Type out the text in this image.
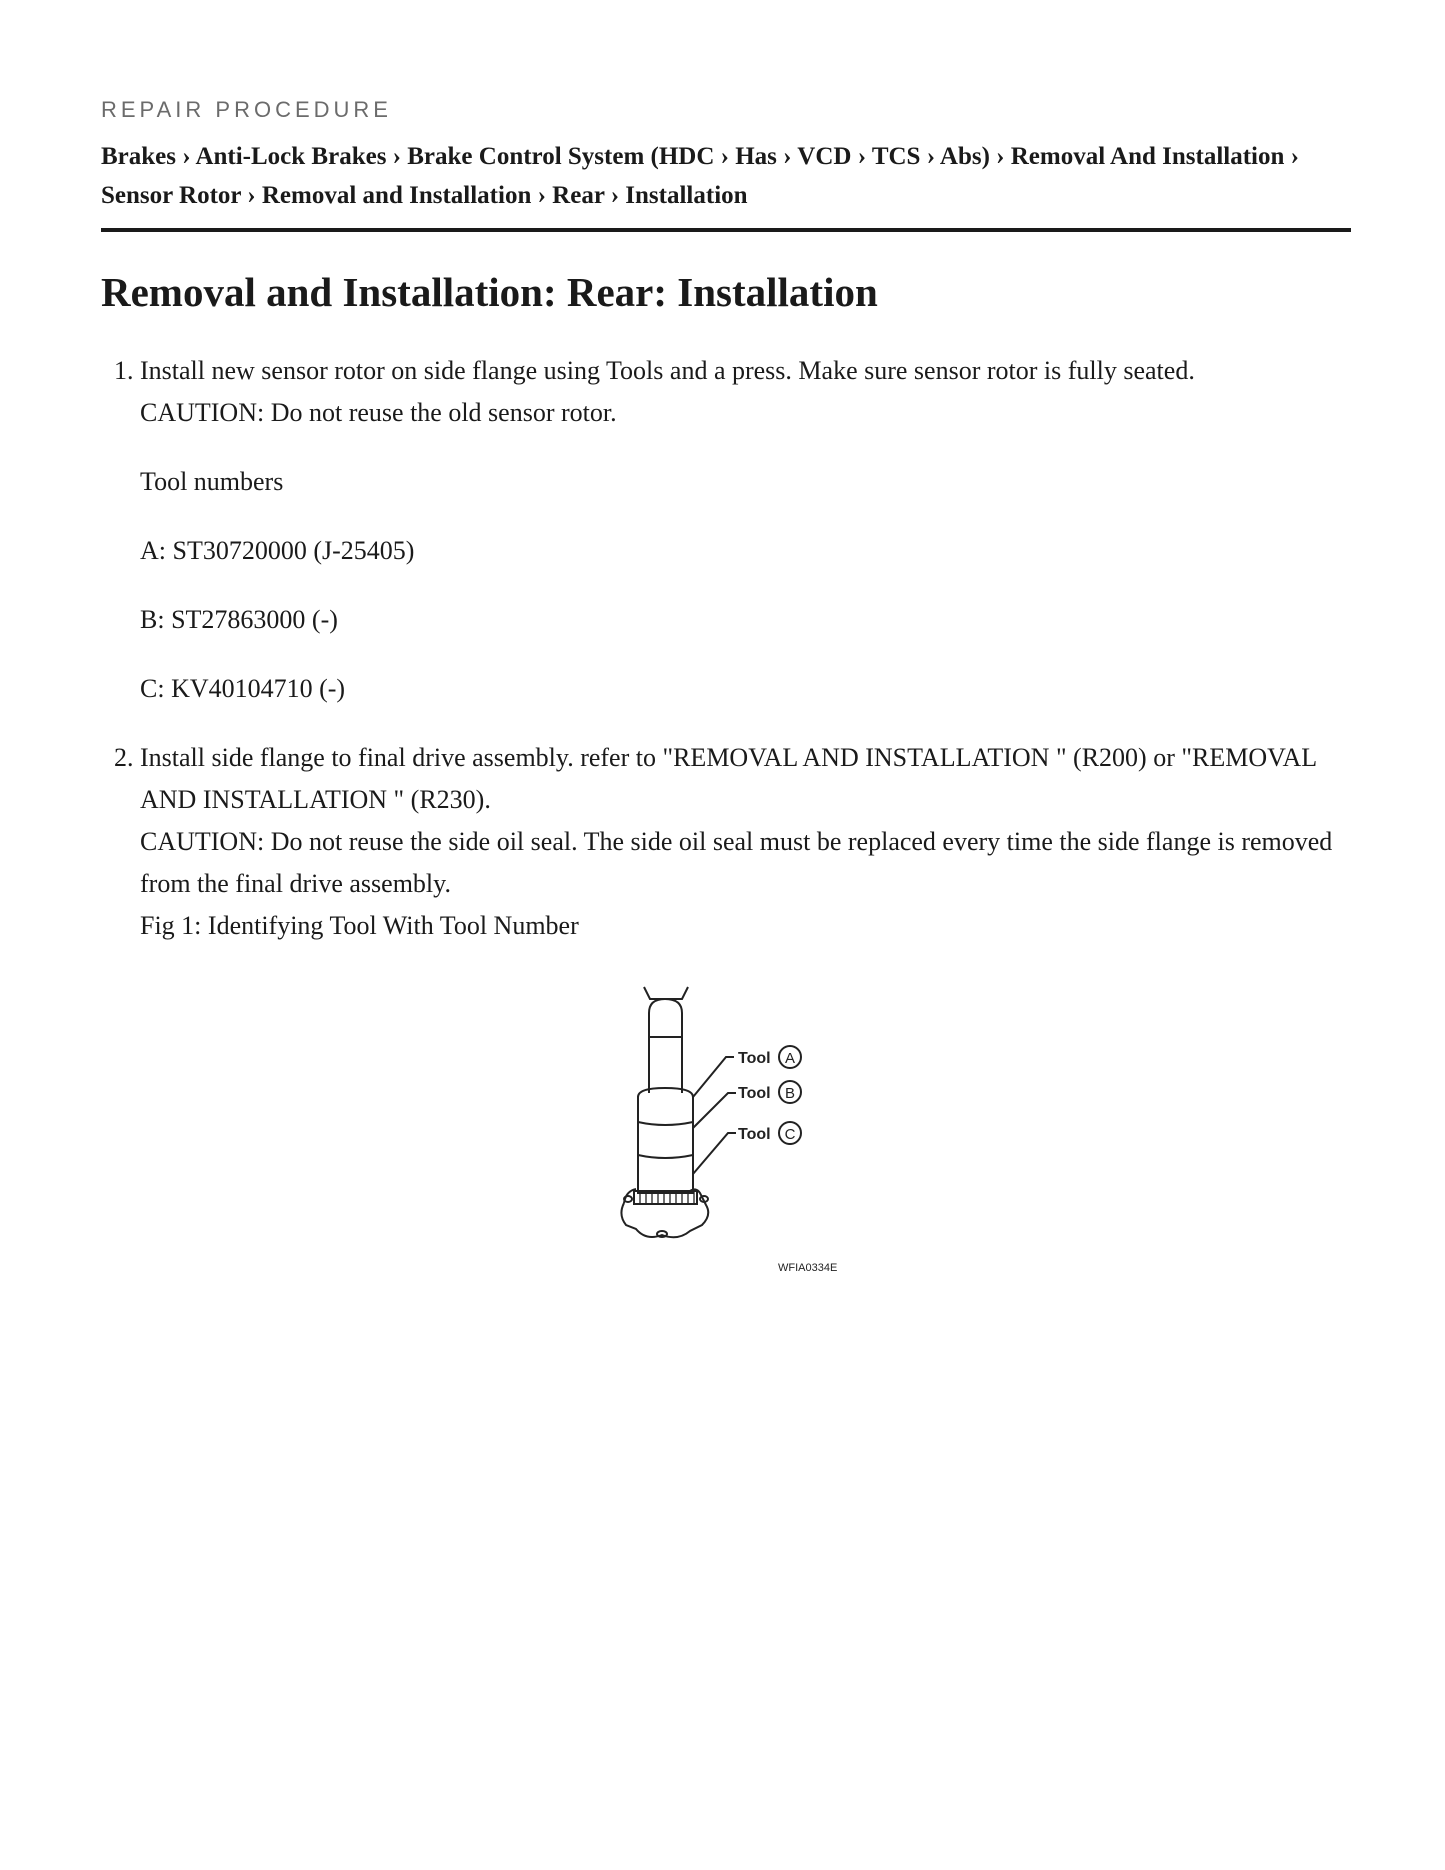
REPAIR PROCEDURE
Brakes › Anti-Lock Brakes › Brake Control System (HDC › Has › VCD › TCS › Abs) › Removal And Installation › Sensor Rotor › Removal and Installation › Rear › Installation
Removal and Installation: Rear: Installation

1. Install new sensor rotor on side flange using Tools and a press. Make sure sensor rotor is fully seated.

CAUTION: Do not reuse the old sensor rotor.

Tool numbers

A: ST30720000 (J-25405)

B: ST27863000 (-)

C: KV40104710 (-)

2. Install side flange to final drive assembly. refer to "REMOVAL AND INSTALLATION " (R200) or "REMOVAL AND INSTALLATION " (R230).

CAUTION: Do not reuse the side oil seal. The side oil seal must be replaced every time the side flange is removed from the final drive assembly.

Fig 1: Identifying Tool With Tool Number

Tool
Tool
Tool
A
B
C
WFIA0334E
